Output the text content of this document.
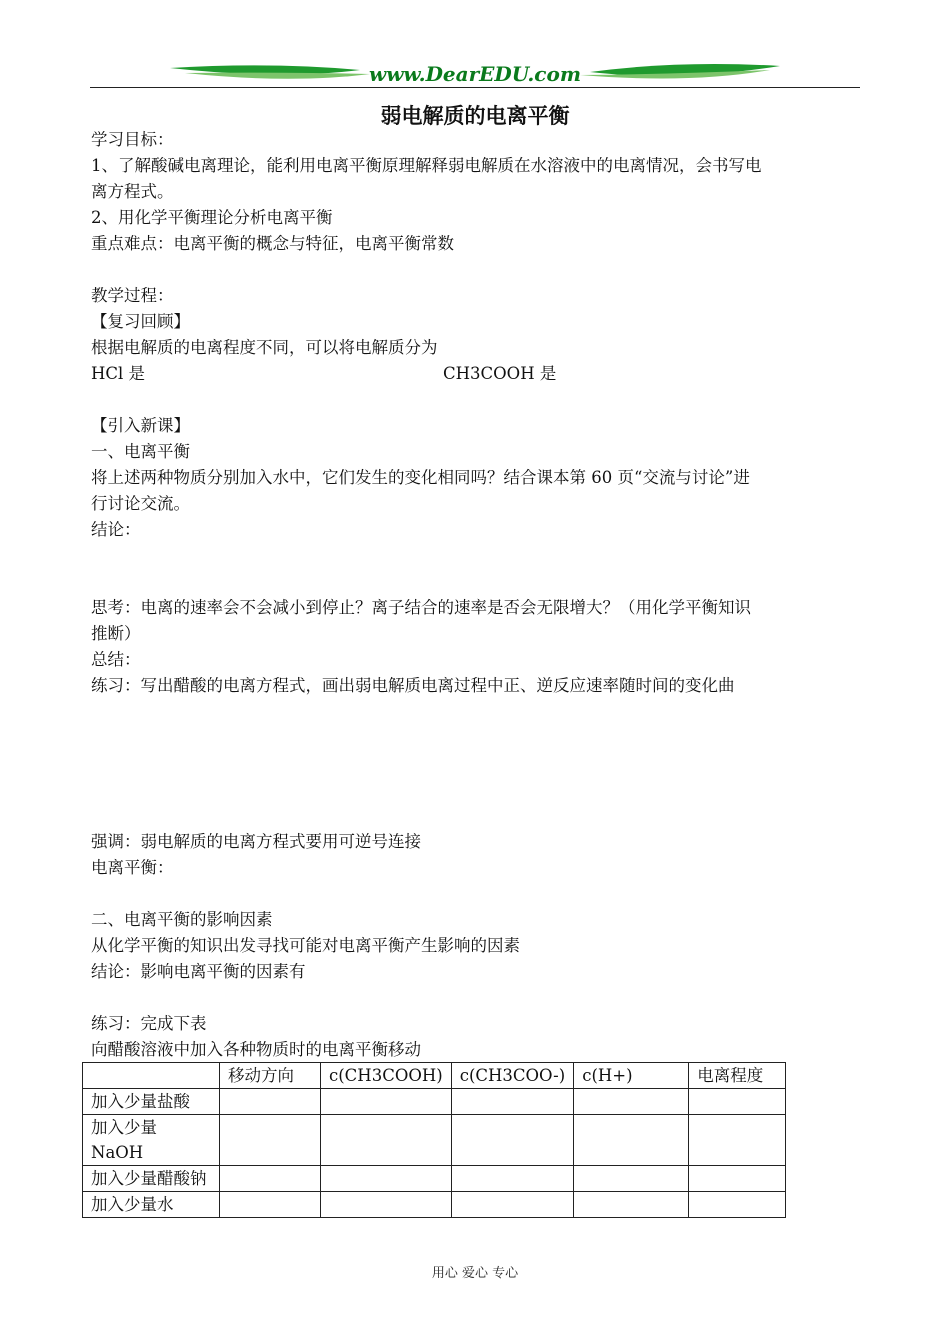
www.DearEDU.com
弱电解质的电离平衡
学习目标：
1、了解酸碱电离理论，能利用电离平衡原理解释弱电解质在水溶液中的电离情况，会书写电
离方程式。
2、用化学平衡理论分析电离平衡
重点难点：电离平衡的概念与特征，电离平衡常数
教学过程：
【复习回顾】
根据电解质的电离程度不同，可以将电解质分为
HCl 是	CH3COOH 是
【引入新课】
一、电离平衡
将上述两种物质分别加入水中，它们发生的变化相同吗？结合课本第 60 页“交流与讨论”进
行讨论交流。
结论：
思考：电离的速率会不会减小到停止？离子结合的速率是否会无限增大？（用化学平衡知识
推断）
总结：
练习：写出醋酸的电离方程式，画出弱电解质电离过程中正、逆反应速率随时间的变化曲
强调：弱电解质的电离方程式要用可逆号连接
电离平衡：
二、电离平衡的影响因素
从化学平衡的知识出发寻找可能对电离平衡产生影响的因素
结论：影响电离平衡的因素有
练习：完成下表
向醋酸溶液中加入各种物质时的电离平衡移动
	移动方向	c(CH3COOH)	c(CH3COO-)	c(H+)	电离程度
加入少量盐酸					
加入少量 NaOH					
加入少量醋酸钠					
加入少量水					
用心 爱心 专心
